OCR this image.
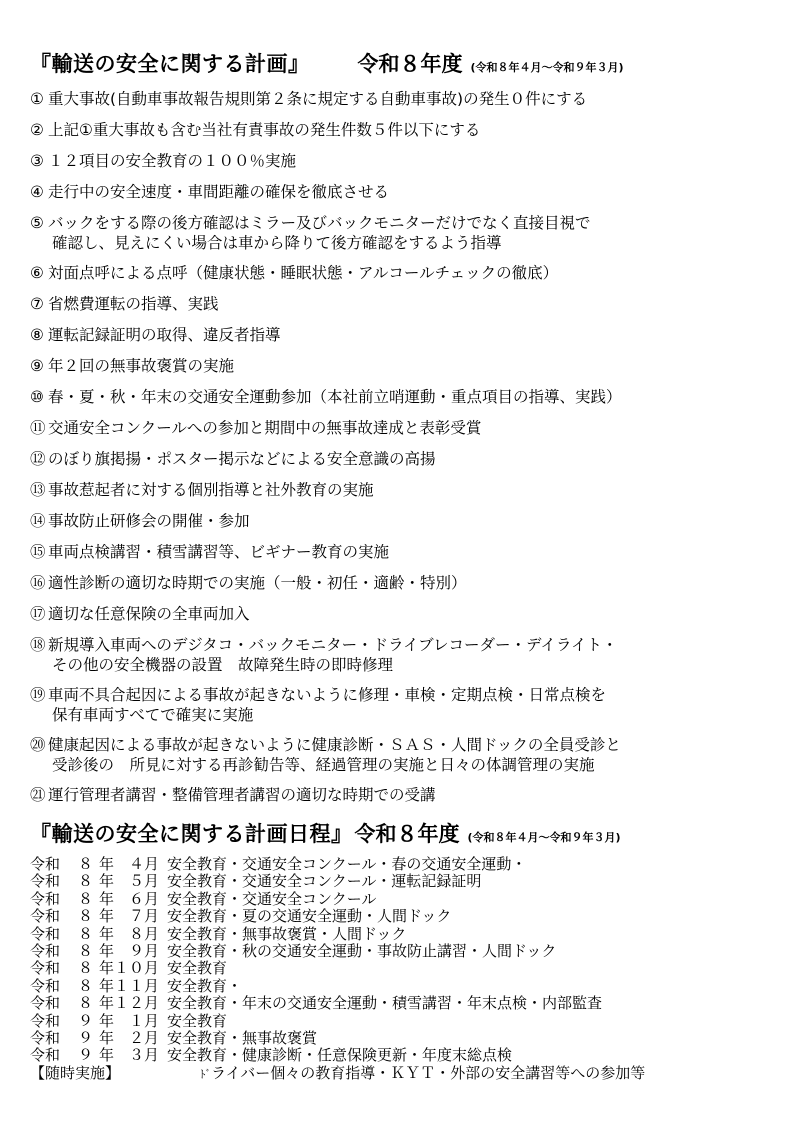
『輸送の安全に関する計画』 令和８年度 (令和８年４月～令和９年３月)
① 重大事故(自動車事故報告規則第２条に規定する自動車事故)の発生０件にする
② 上記①重大事故も含む当社有責事故の発生件数５件以下にする
③ １２項目の安全教育の１００％実施
④ 走行中の安全速度・車間距離の確保を徹底させる
⑤ バックをする際の後方確認はミラー及びバックモニターだけでなく直接目視で
確認し、見えにくい場合は車から降りて後方確認をするよう指導
⑥ 対面点呼による点呼（健康状態・睡眠状態・アルコールチェックの徹底）
⑦ 省燃費運転の指導、実践
⑧ 運転記録証明の取得、違反者指導
⑨ 年２回の無事故褒賞の実施
⑩ 春・夏・秋・年末の交通安全運動参加（本社前立哨運動・重点項目の指導、実践）
⑪ 交通安全コンクールへの参加と期間中の無事故達成と表彰受賞
⑫ のぼり旗掲揚・ポスター掲示などによる安全意識の高揚
⑬ 事故惹起者に対する個別指導と社外教育の実施
⑭ 事故防止研修会の開催・参加
⑮ 車両点検講習・積雪講習等、ビギナー教育の実施
⑯ 適性診断の適切な時期での実施（一般・初任・適齢・特別）
⑰ 適切な任意保険の全車両加入
⑱ 新規導入車両へのデジタコ・バックモニター・ドライブレコーダー・デイライト・
その他の安全機器の設置　故障発生時の即時修理
⑲ 車両不具合起因による事故が起きないように修理・車検・定期点検・日常点検を
保有車両すべてで確実に実施
⑳ 健康起因による事故が起きないように健康診断・ＳＡＳ・人間ドックの全員受診と
受診後の　所見に対する再診勧告等、経過管理の実施と日々の体調管理の実施
㉑ 運行管理者講習・整備管理者講習の適切な時期での受講
『輸送の安全に関する計画日程』 令和８年度 (令和８年４月～令和９年３月)
令和	８ 年　４月 安全教育・交通安全コンクール・春の交通安全運動・
令和	８ 年　５月 安全教育・交通安全コンクール・運転記録証明
令和	８ 年　６月 安全教育・交通安全コンクール
令和	８ 年　７月 安全教育・夏の交通安全運動・人間ドック
令和	８ 年　８月 安全教育・無事故褒賞・人間ドック
令和	８ 年　９月 安全教育・秋の交通安全運動・事故防止講習・人間ドック
令和	８ 年１０月 安全教育
令和	８ 年１１月 安全教育・
令和	８ 年１２月 安全教育・年末の交通安全運動・積雪講習・年末点検・内部監査
令和	９ 年　１月 安全教育
令和	９ 年　２月 安全教育・無事故褒賞
令和	９ 年　３月 安全教育・健康診断・任意保険更新・年度末総点検
【随時実施】	ﾄﾞライバー個々の教育指導・ＫＹＴ・外部の安全講習等への参加等
